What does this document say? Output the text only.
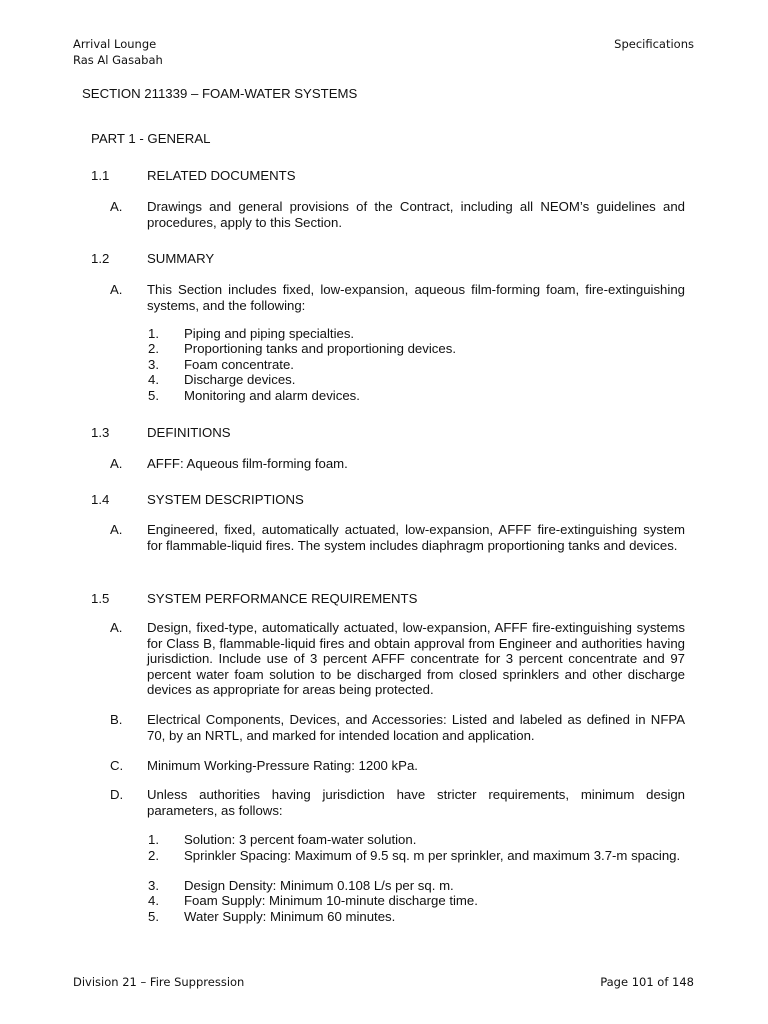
Arrival Lounge
Ras Al Gasabah
Specifications
SECTION 211339 – FOAM-WATER SYSTEMS
PART 1 - GENERAL
1.1	RELATED DOCUMENTS
A. Drawings and general provisions of the Contract, including all NEOM’s guidelines and procedures, apply to this Section.
1.2	SUMMARY
A. This Section includes fixed, low-expansion, aqueous film-forming foam, fire-extinguishing systems, and the following:
1. Piping and piping specialties.
2. Proportioning tanks and proportioning devices.
3. Foam concentrate.
4. Discharge devices.
5. Monitoring and alarm devices.
1.3	DEFINITIONS
A. AFFF: Aqueous film-forming foam.
1.4	SYSTEM DESCRIPTIONS
A. Engineered, fixed, automatically actuated, low-expansion, AFFF fire-extinguishing system for flammable-liquid fires. The system includes diaphragm proportioning tanks and devices.
1.5	SYSTEM PERFORMANCE REQUIREMENTS
A. Design, fixed-type, automatically actuated, low-expansion, AFFF fire-extinguishing systems for Class B, flammable-liquid fires and obtain approval from Engineer and authorities having jurisdiction. Include use of 3 percent AFFF concentrate for 3 percent concentrate and 97 percent water foam solution to be discharged from closed sprinklers and other discharge devices as appropriate for areas being protected.
B. Electrical Components, Devices, and Accessories: Listed and labeled as defined in NFPA 70, by an NRTL, and marked for intended location and application.
C. Minimum Working-Pressure Rating: 1200 kPa.
D. Unless authorities having jurisdiction have stricter requirements, minimum design parameters, as follows:
1. Solution: 3 percent foam-water solution.
2. Sprinkler Spacing: Maximum of 9.5 sq. m per sprinkler, and maximum 3.7-m spacing.
3. Design Density: Minimum 0.108 L/s per sq. m.
4. Foam Supply: Minimum 10-minute discharge time.
5. Water Supply: Minimum 60 minutes.
Division 21 – Fire Suppression	Page 101 of 148
